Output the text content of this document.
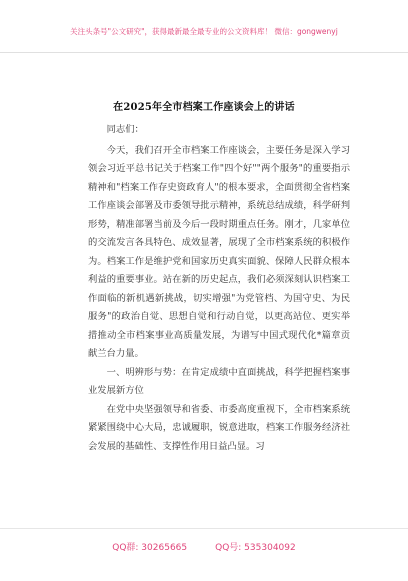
关注头条号"公文研究"，获得最新最全最专业的公文资料库！ 微信：gongwenyj
在2025年全市档案工作座谈会上的讲话

同志们：

今天，我们召开全市档案工作座谈会，主要任务是深入学习领会习近平总书记关于档案工作"四个好""两个服务"的重要指示精神和"档案工作存史资政育人"的根本要求，全面贯彻全省档案工作座谈会部署及市委领导批示精神，系统总结成绩，科学研判形势，精准部署当前及今后一段时期重点任务。刚才，几家单位的交流发言各具特色、成效显著，展现了全市档案系统的积极作为。档案工作是维护党和国家历史真实面貌、保障人民群众根本利益的重要事业。站在新的历史起点，我们必须深刻认识档案工作面临的新机遇新挑战，切实增强"为党管档、为国守史、为民服务"的政治自觉、思想自觉和行动自觉，以更高站位、更实举措推动全市档案事业高质量发展，为谱写中国式现代化*篇章贡献兰台力量。

一、明辨形与势：在肯定成绩中直面挑战，科学把握档案事业发展新方位

在党中央坚强领导和省委、市委高度重视下，全市档案系统紧紧围绕中心大局，忠诚履职，锐意进取，档案工作服务经济社会发展的基础性、支撑性作用日益凸显。习

QQ群: 30265665	QQ号: 535304092
